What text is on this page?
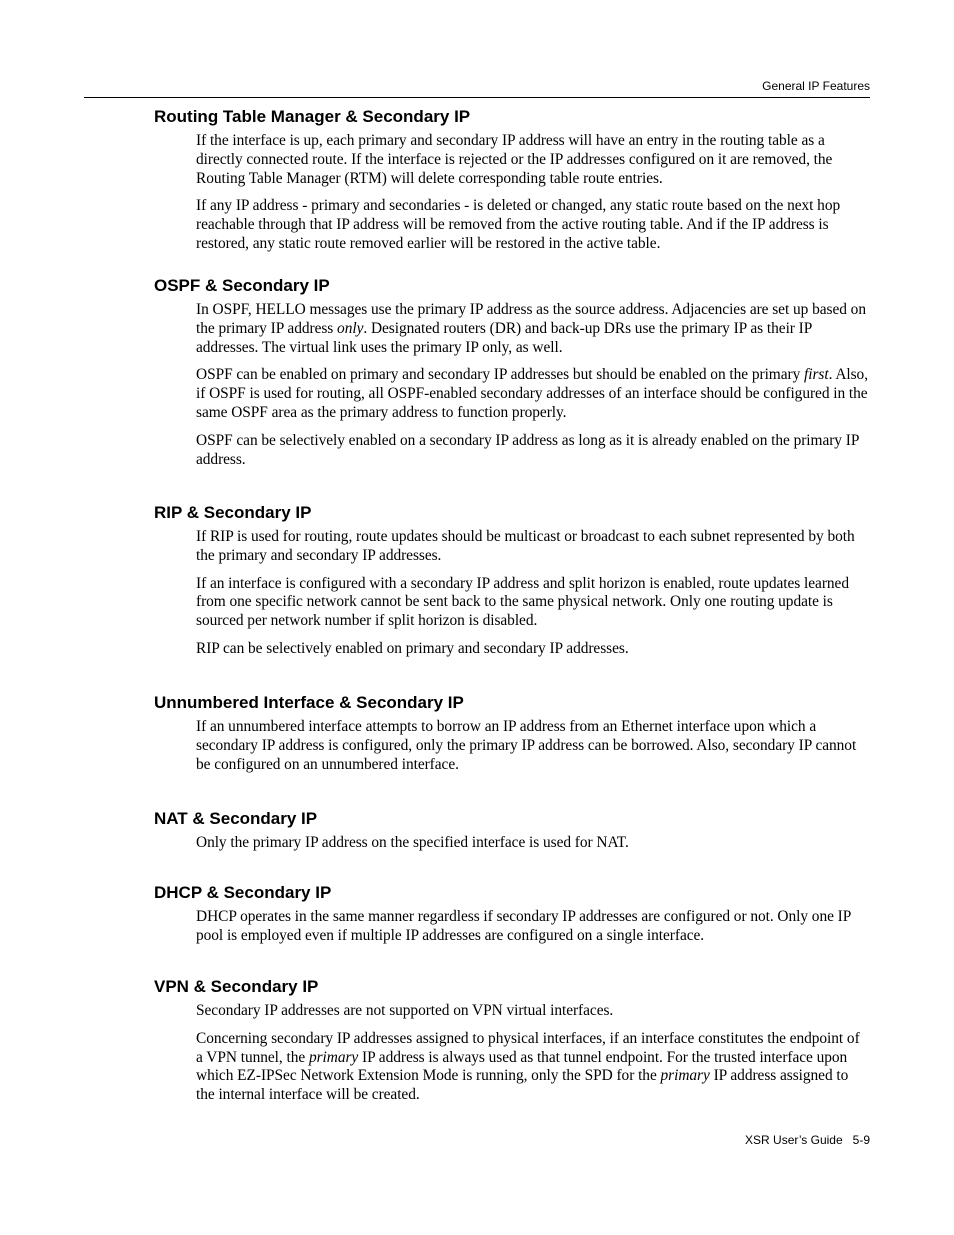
General IP Features
Routing Table Manager & Secondary IP

If the interface is up, each primary and secondary IP address will have an entry in the routing table as a directly connected route. If the interface is rejected or the IP addresses configured on it are removed, the Routing Table Manager (RTM) will delete corresponding table route entries.

If any IP address - primary and secondaries - is deleted or changed, any static route based on the next hop reachable through that IP address will be removed from the active routing table. And if the IP address is restored, any static route removed earlier will be restored in the active table.

OSPF & Secondary IP

In OSPF, HELLO messages use the primary IP address as the source address. Adjacencies are set up based on the primary IP address only. Designated routers (DR) and back-up DRs use the primary IP as their IP addresses. The virtual link uses the primary IP only, as well.

OSPF can be enabled on primary and secondary IP addresses but should be enabled on the primary first. Also, if OSPF is used for routing, all OSPF-enabled secondary addresses of an interface should be configured in the same OSPF area as the primary address to function properly.

OSPF can be selectively enabled on a secondary IP address as long as it is already enabled on the primary IP address.

RIP & Secondary IP

If RIP is used for routing, route updates should be multicast or broadcast to each subnet represented by both the primary and secondary IP addresses.

If an interface is configured with a secondary IP address and split horizon is enabled, route updates learned from one specific network cannot be sent back to the same physical network. Only one routing update is sourced per network number if split horizon is disabled.

RIP can be selectively enabled on primary and secondary IP addresses.

Unnumbered Interface & Secondary IP

If an unnumbered interface attempts to borrow an IP address from an Ethernet interface upon which a secondary IP address is configured, only the primary IP address can be borrowed. Also, secondary IP cannot be configured on an unnumbered interface.

NAT & Secondary IP

Only the primary IP address on the specified interface is used for NAT.

DHCP & Secondary IP

DHCP operates in the same manner regardless if secondary IP addresses are configured or not. Only one IP pool is employed even if multiple IP addresses are configured on a single interface.

VPN & Secondary IP

Secondary IP addresses are not supported on VPN virtual interfaces.

Concerning secondary IP addresses assigned to physical interfaces, if an interface constitutes the endpoint of a VPN tunnel, the primary IP address is always used as that tunnel endpoint. For the trusted interface upon which EZ-IPSec Network Extension Mode is running, only the SPD for the primary IP address assigned to the internal interface will be created.

XSR User’s Guide 5-9
